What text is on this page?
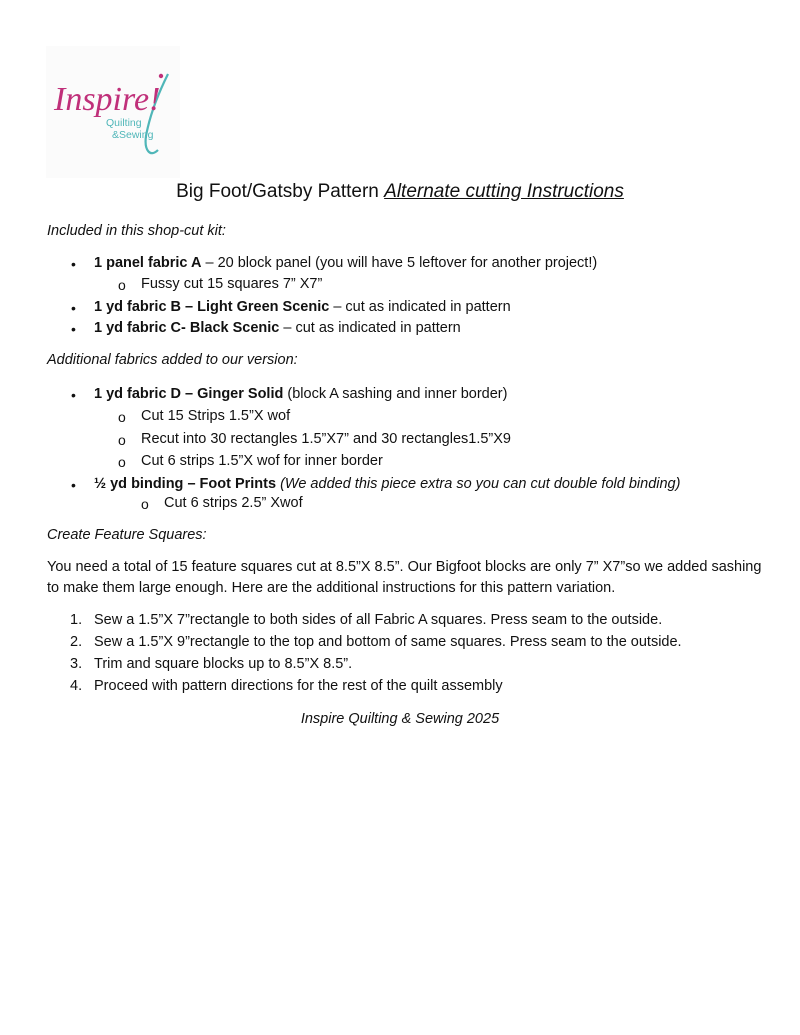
Inspire!
Quilting
&Sewing
Big Foot/Gatsby Pattern Alternate cutting Instructions
Included in this shop-cut kit:
• 1 panel fabric A – 20 block panel (you will have 5 leftover for another project!)
o Fussy cut 15 squares 7” X7”
• 1 yd fabric B – Light Green Scenic – cut as indicated in pattern
• 1 yd fabric C- Black Scenic – cut as indicated in pattern
Additional fabrics added to our version:
• 1 yd fabric D – Ginger Solid (block A sashing and inner border)
o Cut 15 Strips 1.5”X wof
o Recut into 30 rectangles 1.5”X7” and 30 rectangles1.5”X9
o Cut 6 strips 1.5”X wof for inner border
• ½ yd binding – Foot Prints (We added this piece extra so you can cut double fold binding)
o Cut 6 strips 2.5” Xwof
Create Feature Squares:
You need a total of 15 feature squares cut at 8.5”X 8.5”. Our Bigfoot blocks are only 7” X7”so we added sashing to make them large enough. Here are the additional instructions for this pattern variation.
1. Sew a 1.5”X 7”rectangle to both sides of all Fabric A squares. Press seam to the outside.
2. Sew a 1.5”X 9”rectangle to the top and bottom of same squares. Press seam to the outside.
3. Trim and square blocks up to 8.5”X 8.5”.
4. Proceed with pattern directions for the rest of the quilt assembly
Inspire Quilting & Sewing 2025
